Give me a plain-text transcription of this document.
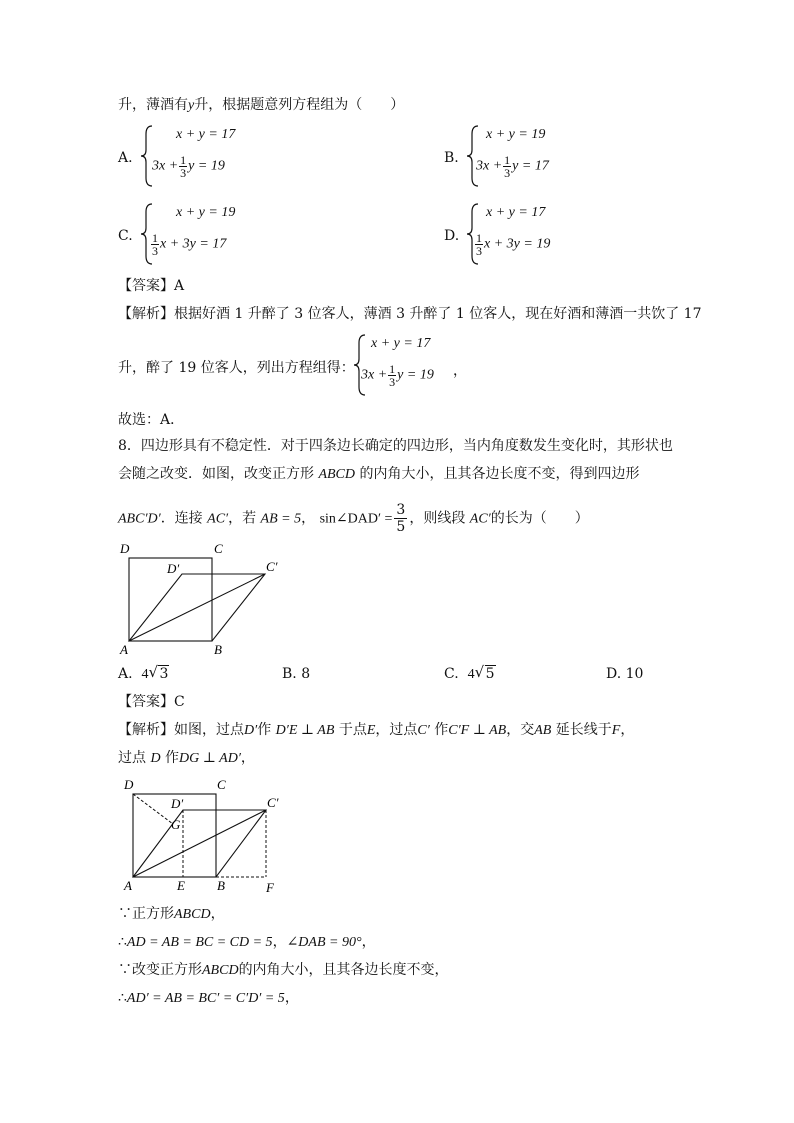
升，薄酒有y升，根据题意列方程组为（　　）
A.
x + y = 17
$3x + \frac{1}{3}$ y = 19
B.
x + y = 19
$3x + \frac{1}{3}$ y = 17
C.
x + y = 19
$\frac{1}{3}$ x + 3y = 17
D.
x + y = 17
$\frac{1}{3}$ x + 3y = 19
【答案】A
【解析】根据好酒 1 升醉了 3 位客人，薄酒 3 升醉了 1 位客人，现在好酒和薄酒一共饮了 17
升，醉了 19 位客人，列出方程组得：
x + y = 17
$3x + \frac{1}{3}$ y = 19 ，
故选：A．
8．四边形具有不稳定性．对于四条边长确定的四边形，当内角度数发生变化时，其形状也
会随之改变．如图，改变正方形 ABCD 的内角大小，且其各边长度不变，得到四边形
ABC′D′．连接 AC′，若 AB = 5， sin∠DAD′ = $\frac{3}{5}$ ，则线段 AC′的长为（　　）
D	C
D′	C′
A	B
A. 4 √ 3	B. 8	C. 4 √ 5	D. 10
【答案】C
【解析】如图，过点D′作 D′E ⊥ AB 于点E，过点C′ 作C′F ⊥ AB，交AB 延长线于F，
过点 D 作DG ⊥ AD′，
D	C
D′	C′
G
A	E B	F
∵正方形ABCD，
∴AD = AB = BC = CD = 5，∠DAB = 90°，
∵改变正方形ABCD的内角大小，且其各边长度不变，
∴AD′ = AB = BC′ = C′D′ = 5，
